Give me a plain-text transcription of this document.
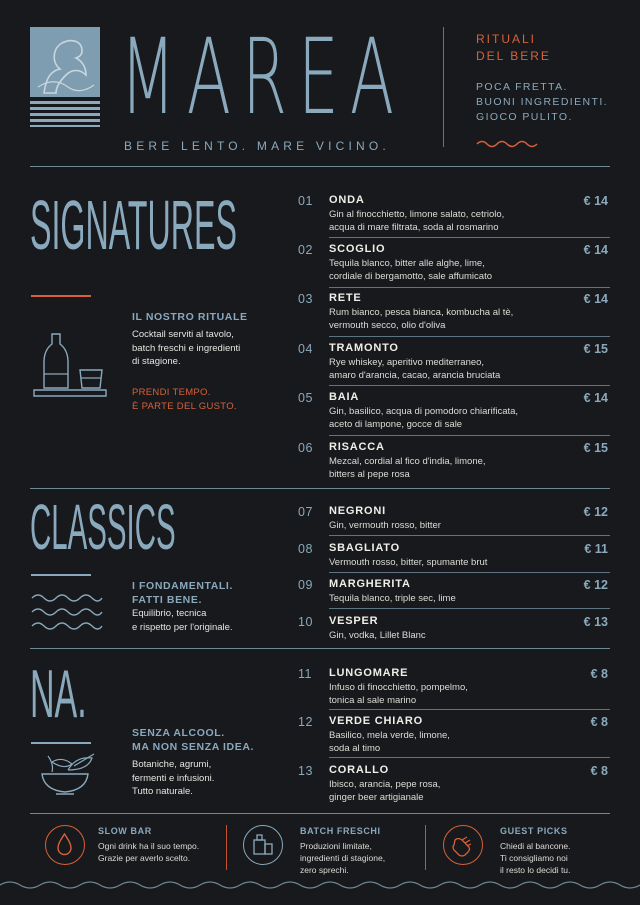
MAREA
BERE LENTO. MARE VICINO.
RITUALI
DEL BERE
POCA FRETTA.
BUONI INGREDIENTI.
GIOCO PULITO.
SIGNATURES
IL NOSTRO RITUALE
Cocktail serviti al tavolo,
batch freschi e ingredienti
di stagione.
PRENDI TEMPO.
È PARTE DEL GUSTO.
CLASSICS
I FONDAMENTALI.
FATTI BENE.
Equilibrio, tecnica
e rispetto per l'originale.
NA.
SENZA ALCOOL.
MA NON SENZA IDEA.
Botaniche, agrumi,
fermenti e infusioni.
Tutto naturale.
01 ONDA
Gin al finocchietto, limone salato, cetriolo,
acqua di mare filtrata, soda al rosmarino
€ 14
02 SCOGLIO
Tequila blanco, bitter alle alghe, lime,
cordiale di bergamotto, sale affumicato
€ 14
03 RETE
Rum bianco, pesca bianca, kombucha al tè,
vermouth secco, olio d'oliva
€ 14
04 TRAMONTO
Rye whiskey, aperitivo mediterraneo,
amaro d'arancia, cacao, arancia bruciata
€ 15
05 BAIA
Gin, basilico, acqua di pomodoro chiarificata,
aceto di lampone, gocce di sale
€ 14
06 RISACCA
Mezcal, cordial al fico d'india, limone,
bitters al pepe rosa
€ 15
07 NEGRONI
Gin, vermouth rosso, bitter
€ 12
08 SBAGLIATO
Vermouth rosso, bitter, spumante brut
€ 11
09 MARGHERITA
Tequila blanco, triple sec, lime
€ 12
10 VESPER
Gin, vodka, Lillet Blanc
€ 13
11 LUNGOMARE
Infuso di finocchietto, pompelmo,
tonica al sale marino
€ 8
12 VERDE CHIARO
Basilico, mela verde, limone,
soda al timo
€ 8
13 CORALLO
Ibisco, arancia, pepe rosa,
ginger beer artigianale
€ 8
SLOW BAR
Ogni drink ha il suo tempo.
Grazie per averlo scelto.
BATCH FRESCHI
Produzioni limitate,
ingredienti di stagione,
zero sprechi.
GUEST PICKS
Chiedi al bancone.
Ti consigliamo noi
il resto lo decidi tu.
